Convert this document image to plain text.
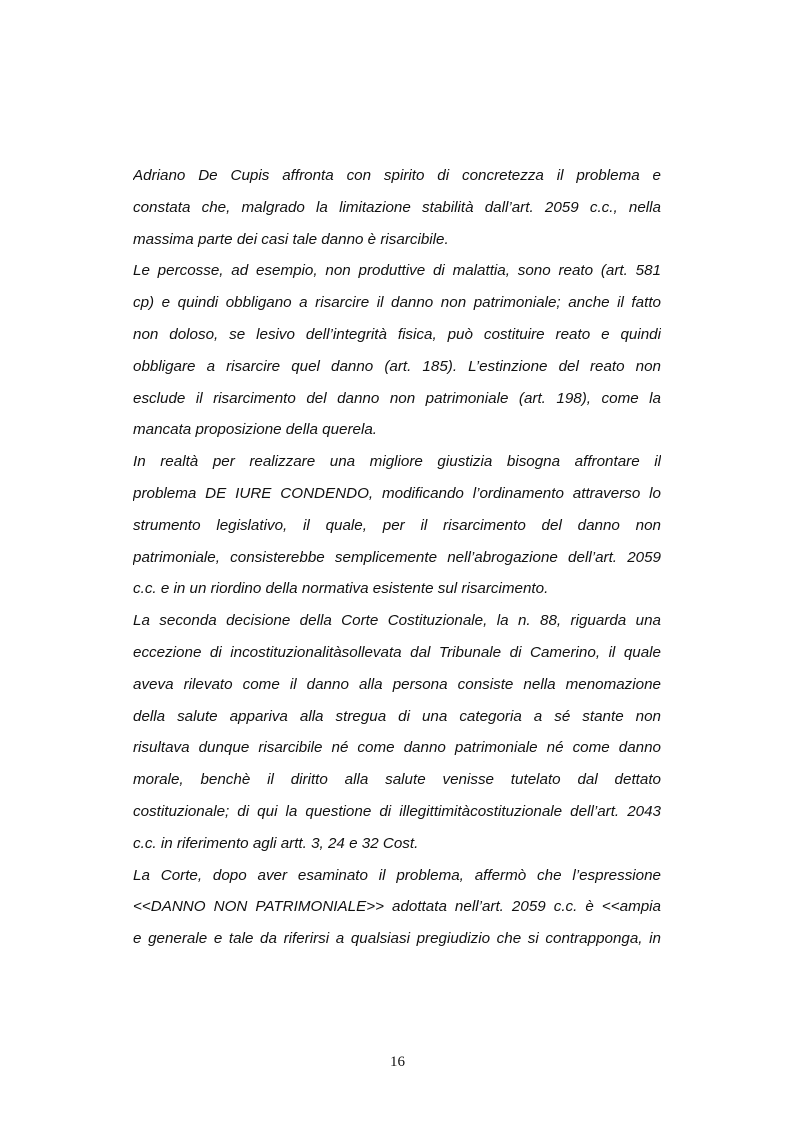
Adriano De Cupis affronta con spirito di concretezza il problema e
constata che, malgrado la limitazione stabilità dall’art. 2059 c.c., nella
massima parte dei casi tale danno è risarcibile.
Le percosse, ad esempio, non produttive di malattia, sono reato (art. 581
cp) e quindi obbligano a risarcire il danno non patrimoniale; anche il fatto
non doloso, se lesivo dell’integrità fisica, può costituire reato e quindi
obbligare a risarcire quel danno (art. 185). L’estinzione del reato non
esclude il risarcimento del danno non patrimoniale (art. 198), come la
mancata proposizione della querela.
In realtà per realizzare una migliore giustizia bisogna affrontare il
problema DE IURE CONDENDO, modificando l’ordinamento attraverso lo
strumento legislativo, il quale, per il risarcimento del danno non
patrimoniale, consisterebbe semplicemente nell’abrogazione dell’art. 2059
c.c. e in un riordino della normativa esistente sul risarcimento.
La seconda decisione della Corte Costituzionale, la n. 88, riguarda una
eccezione di incostituzionalitàsollevata dal Tribunale di Camerino, il quale
aveva rilevato come il danno alla persona consiste nella menomazione
della salute appariva alla stregua di una categoria a sé stante non
risultava dunque risarcibile né come danno patrimoniale né come danno
morale, benchè il diritto alla salute venisse tutelato dal dettato
costituzionale; di qui la questione di illegittimitàcostituzionale dell’art. 2043
c.c. in riferimento agli artt. 3, 24 e 32 Cost.
La Corte, dopo aver esaminato il problema, affermò che l’espressione
<<DANNO NON PATRIMONIALE>> adottata nell’art. 2059 c.c. è <<ampia
e generale e tale da riferirsi a qualsiasi pregiudizio che si contrapponga, in
16
